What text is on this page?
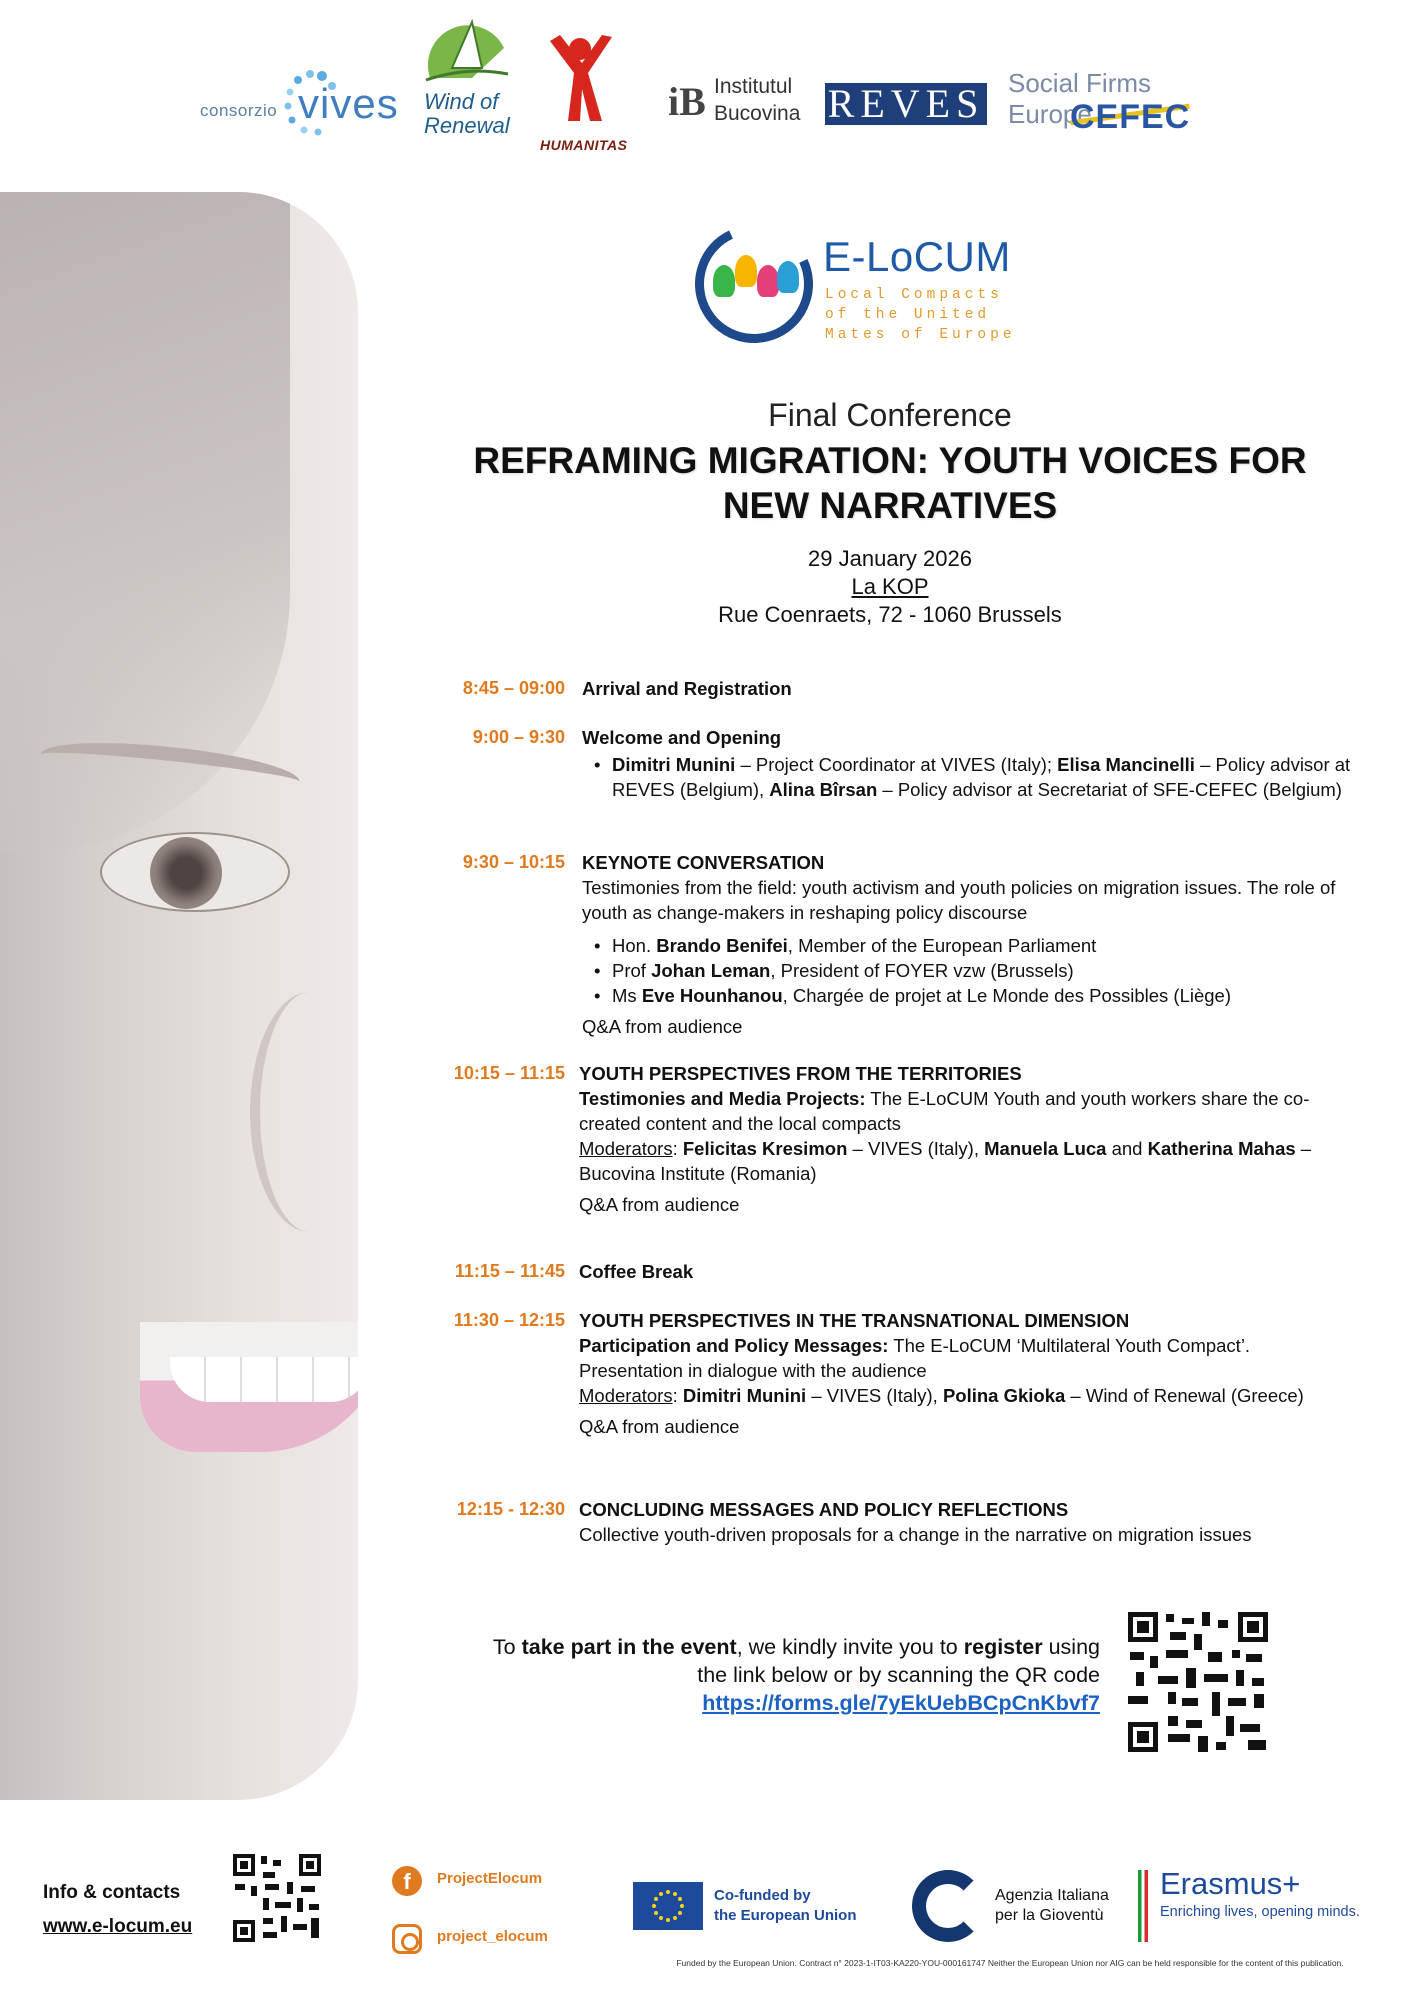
consorzio vives Wind of
Renewal
HUMANITAS
iB Institutul
Bucovina REVES Social Firms Europe
CEFEC
E-LoCUM
Local Compacts
of the United
Mates of Europe
Final Conference
REFRAMING MIGRATION: YOUTH VOICES FOR
NEW NARRATIVES
29 January 2026
La KOP
Rue Coenraets, 72 - 1060 Brussels
8:45 – 09:00 Arrival and Registration
9:00 – 9:30 Welcome and Opening
• Dimitri Munini – Project Coordinator at VIVES (Italy); Elisa Mancinelli – Policy advisor at REVES (Belgium), Alina Bîrsan – Policy advisor at Secretariat of SFE-CEFEC (Belgium)
9:30 – 10:15 KEYNOTE CONVERSATION
Testimonies from the field: youth activism and youth policies on migration issues. The role of youth as change-makers in reshaping policy discourse
• Hon. Brando Benifei, Member of the European Parliament
• Prof Johan Leman, President of FOYER vzw (Brussels)
• Ms Eve Hounhanou, Chargée de projet at Le Monde des Possibles (Liège)
Q&A from audience
10:15 – 11:15 YOUTH PERSPECTIVES FROM THE TERRITORIES
Testimonies and Media Projects: The E-LoCUM Youth and youth workers share the co-created content and the local compacts
Moderators: Felicitas Kresimon – VIVES (Italy), Manuela Luca and Katherina Mahas – Bucovina Institute (Romania)
Q&A from audience
11:15 – 11:45 Coffee Break
11:30 – 12:15 YOUTH PERSPECTIVES IN THE TRANSNATIONAL DIMENSION
Participation and Policy Messages: The E-LoCUM ‘Multilateral Youth Compact’. Presentation in dialogue with the audience
Moderators: Dimitri Munini – VIVES (Italy), Polina Gkioka – Wind of Renewal (Greece)
Q&A from audience
12:15 - 12:30 CONCLUDING MESSAGES AND POLICY REFLECTIONS
Collective youth-driven proposals for a change in the narrative on migration issues
To take part in the event, we kindly invite you to register using
the link below or by scanning the QR code
https://forms.gle/7yEkUebBCpCnKbvf7
Info & contacts
www.e-locum.eu
f	ProjectElocum
project_elocum
Co-funded by
the European Union
Agenzia Italiana
per la Gioventù
Erasmus+
Enriching lives, opening minds.
Funded by the European Union. Contract n° 2023-1-IT03-KA220-YOU-000161747 Neither the European Union nor AIG can be held responsible for the content of this publication.
